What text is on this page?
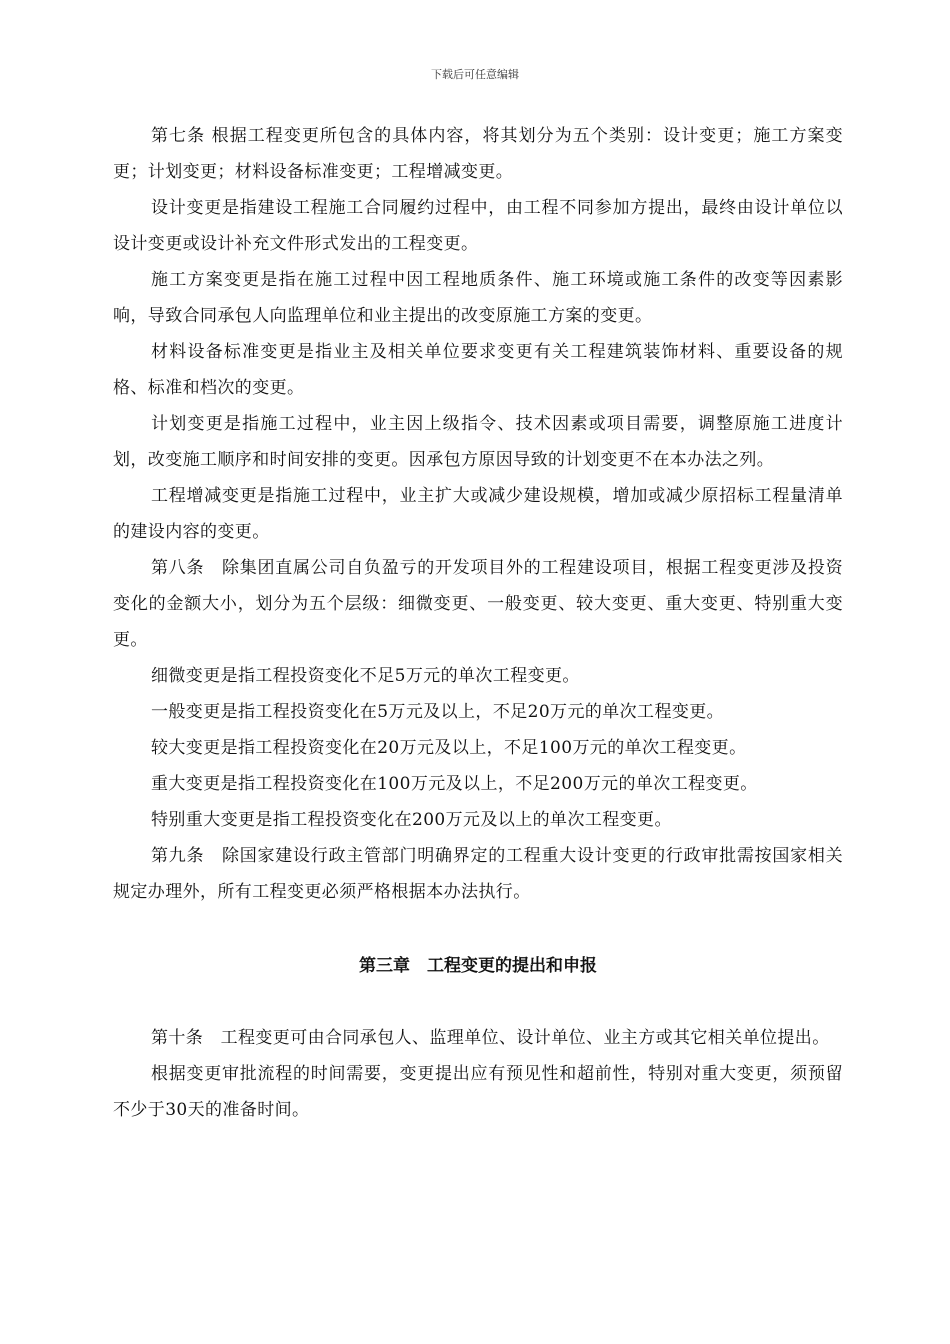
下载后可任意编辑

第七条 根据工程变更所包含的具体内容，将其划分为五个类别：设计变更；施工方案变更；计划变更；材料设备标准变更；工程增减变更。

设计变更是指建设工程施工合同履约过程中，由工程不同参加方提出，最终由设计单位以设计变更或设计补充文件形式发出的工程变更。

施工方案变更是指在施工过程中因工程地质条件、施工环境或施工条件的改变等因素影响，导致合同承包人向监理单位和业主提出的改变原施工方案的变更。

材料设备标准变更是指业主及相关单位要求变更有关工程建筑装饰材料、重要设备的规格、标准和档次的变更。

计划变更是指施工过程中，业主因上级指令、技术因素或项目需要，调整原施工进度计划，改变施工顺序和时间安排的变更。因承包方原因导致的计划变更不在本办法之列。

工程增减变更是指施工过程中，业主扩大或减少建设规模，增加或减少原招标工程量清单的建设内容的变更。

第八条　除集团直属公司自负盈亏的开发项目外的工程建设项目，根据工程变更涉及投资变化的金额大小，划分为五个层级：细微变更、一般变更、较大变更、重大变更、特别重大变更。

细微变更是指工程投资变化不足5万元的单次工程变更。

一般变更是指工程投资变化在5万元及以上，不足20万元的单次工程变更。

较大变更是指工程投资变化在20万元及以上，不足100万元的单次工程变更。

重大变更是指工程投资变化在100万元及以上，不足200万元的单次工程变更。

特别重大变更是指工程投资变化在200万元及以上的单次工程变更。

第九条　除国家建设行政主管部门明确界定的工程重大设计变更的行政审批需按国家相关规定办理外，所有工程变更必须严格根据本办法执行。

第三章　工程变更的提出和申报

第十条　工程变更可由合同承包人、监理单位、设计单位、业主方或其它相关单位提出。

根据变更审批流程的时间需要，变更提出应有预见性和超前性，特别对重大变更，须预留不少于30天的准备时间。
